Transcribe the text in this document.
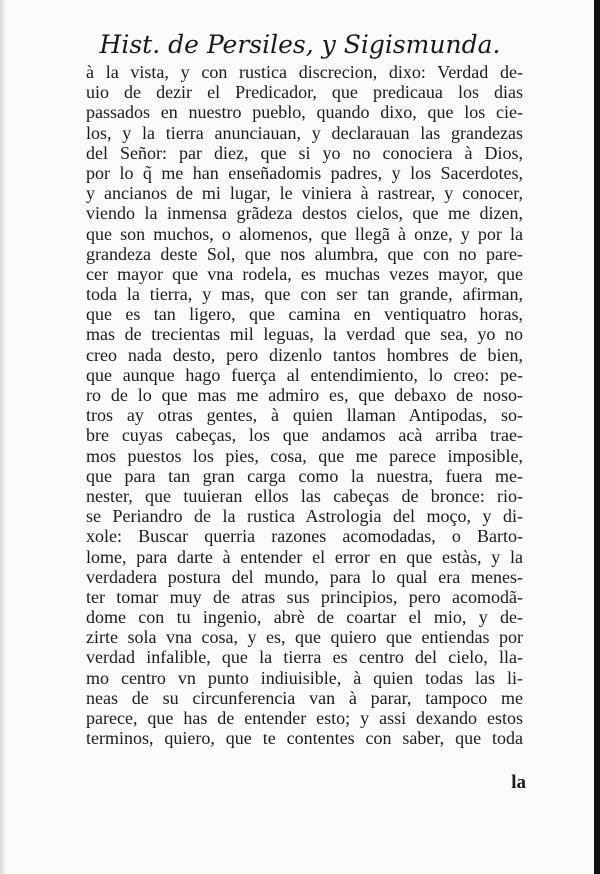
Hist. de Persiles, y Sigismunda.
à la vista, y con rustica discrecion, dixo: Verdad de-
uio de dezir el Predicador, que predicaua los dias
passados en nuestro pueblo, quando dixo, que los cie-
los, y la tierra anunciauan, y declarauan las grandezas
del Señor: par diez, que si yo no conociera à Dios,
por lo q̃ me han enseñadomis padres, y los Sacerdotes,
y ancianos de mi lugar, le viniera à rastrear, y conocer,
viendo la inmensa grãdeza destos cielos, que me dizen,
que son muchos, o alomenos, que llegã à onze, y por la
grandeza deste Sol, que nos alumbra, que con no pare-
cer mayor que vna rodela, es muchas vezes mayor, que
toda la tierra, y mas, que con ser tan grande, afirman,
que es tan ligero, que camina en ventiquatro horas,
mas de trecientas mil leguas, la verdad que sea, yo no
creo nada desto, pero dizenlo tantos hombres de bien,
que aunque hago fuerça al entendimiento, lo creo: pe-
ro de lo que mas me admiro es, que debaxo de noso-
tros ay otras gentes, à quien llaman Antipodas, so-
bre cuyas cabeças, los que andamos acà arriba trae-
mos puestos los pies, cosa, que me parece imposible,
que para tan gran carga como la nuestra, fuera me-
nester, que tuuieran ellos las cabeças de bronce: rio-
se Periandro de la rustica Astrologia del moço, y di-
xole: Buscar querria razones acomodadas, o Barto-
lome, para darte à entender el error en que estàs, y la
verdadera postura del mundo, para lo qual era menes-
ter tomar muy de atras sus principios, pero acomodã-
dome con tu ingenio, abrè de coartar el mio, y de-
zirte sola vna cosa, y es, que quiero que entiendas por
verdad infalible, que la tierra es centro del cielo, lla-
mo centro vn punto indiuisible, à quien todas las li-
neas de su circunferencia van à parar, tampoco me
parece, que has de entender esto; y assi dexando estos
terminos, quiero, que te contentes con saber, que toda
la
